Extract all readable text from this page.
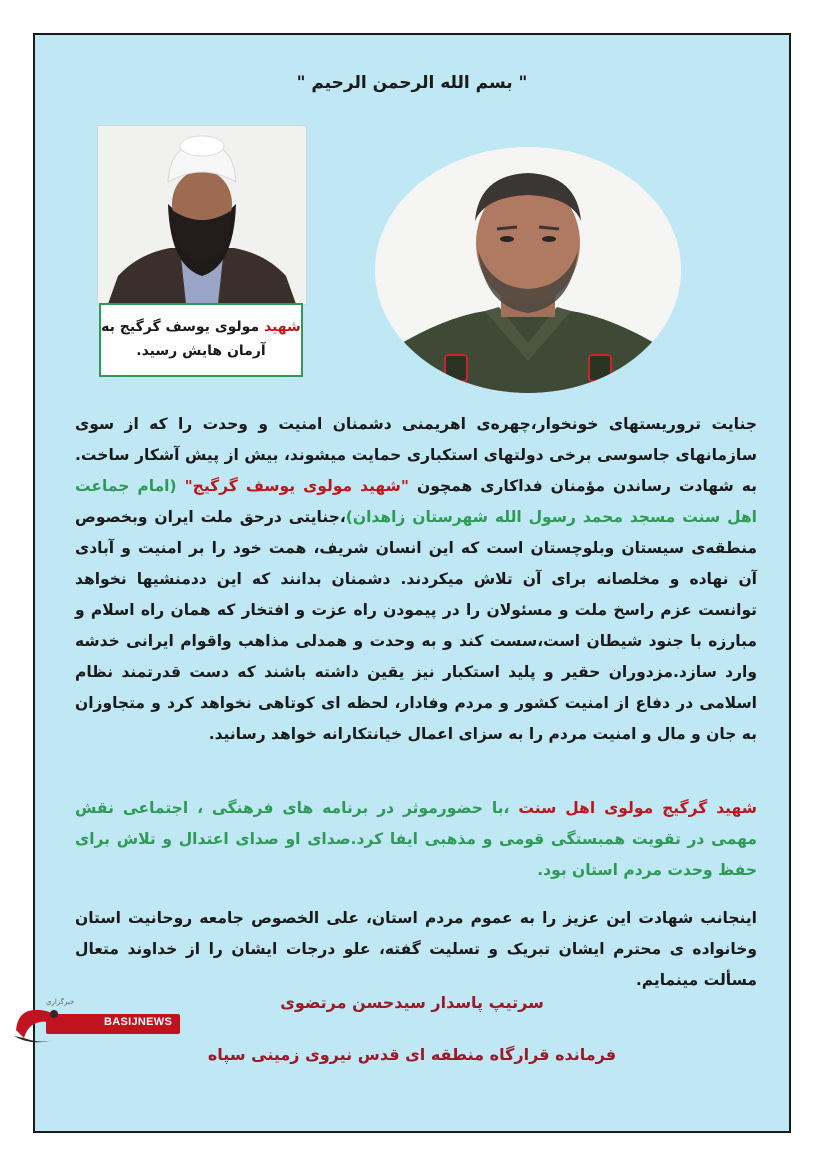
" بسم الله الرحمن الرحیم "
شهید مولوی یوسف گرگیج به آرمان هایش رسید.
جنایت تروریستهای خونخوار،چهره‌ی اهریمنی دشمنان امنیت و وحدت را که از سوی سازمانهای جاسوسی برخی دولتهای استکباری حمایت میشوند، بیش از پیش آشکار ساخت. به شهادت رساندن مؤمنان فداکاری همچون "شهید مولوی یوسف گرگیج" (امام جماعت اهل سنت مسجد محمد رسول الله شهرستان زاهدان)،جنایتی درحق ملت ایران وبخصوص منطقه‌ی سیستان وبلوچستان است که این انسان شریف، همت خود را بر امنیت و آبادی آن نهاده و مخلصانه برای آن تلاش میکردند. دشمنان بدانند که این ددمنشیها نخواهد توانست عزم راسخ ملت و مسئولان را در پیمودن راه عزت و افتخار که همان راه اسلام و مبارزه با جنود شیطان است،سست کند و به وحدت و همدلی مذاهب واقوام ایرانی خدشه وارد سازد.مزدوران حقیر و پلید استکبار نیز یقین داشته باشند که دست قدرتمند نظام اسلامی در دفاع از امنیت کشور و مردم وفادار، لحظه ای کوتاهی نخواهد کرد و متجاوزان به جان و مال و امنیت مردم را به سزای اعمال خیانتکارانه خواهد رسانید.
شهید گرگیج مولوی اهل سنت ،با حضورموثر در برنامه های فرهنگی ، اجتماعی نقش مهمی در تقویت همبستگی قومی و مذهبی ایفا کرد.صدای او صدای اعتدال و تلاش برای حفظ وحدت مردم استان بود.
اینجانب شهادت این عزیز را به عموم مردم استان، علی الخصوص جامعه روحانیت استان وخانواده ی محترم ایشان تبریک و تسلیت گفته، علو درجات ایشان را از خداوند متعال مسألت مینمایم.
سرتیپ پاسدار سیدحسن مرتضوی
فرمانده قرارگاه منطقه ای قدس نیروی زمینی سپاه
خبرگزاری
BASIJNEWS
